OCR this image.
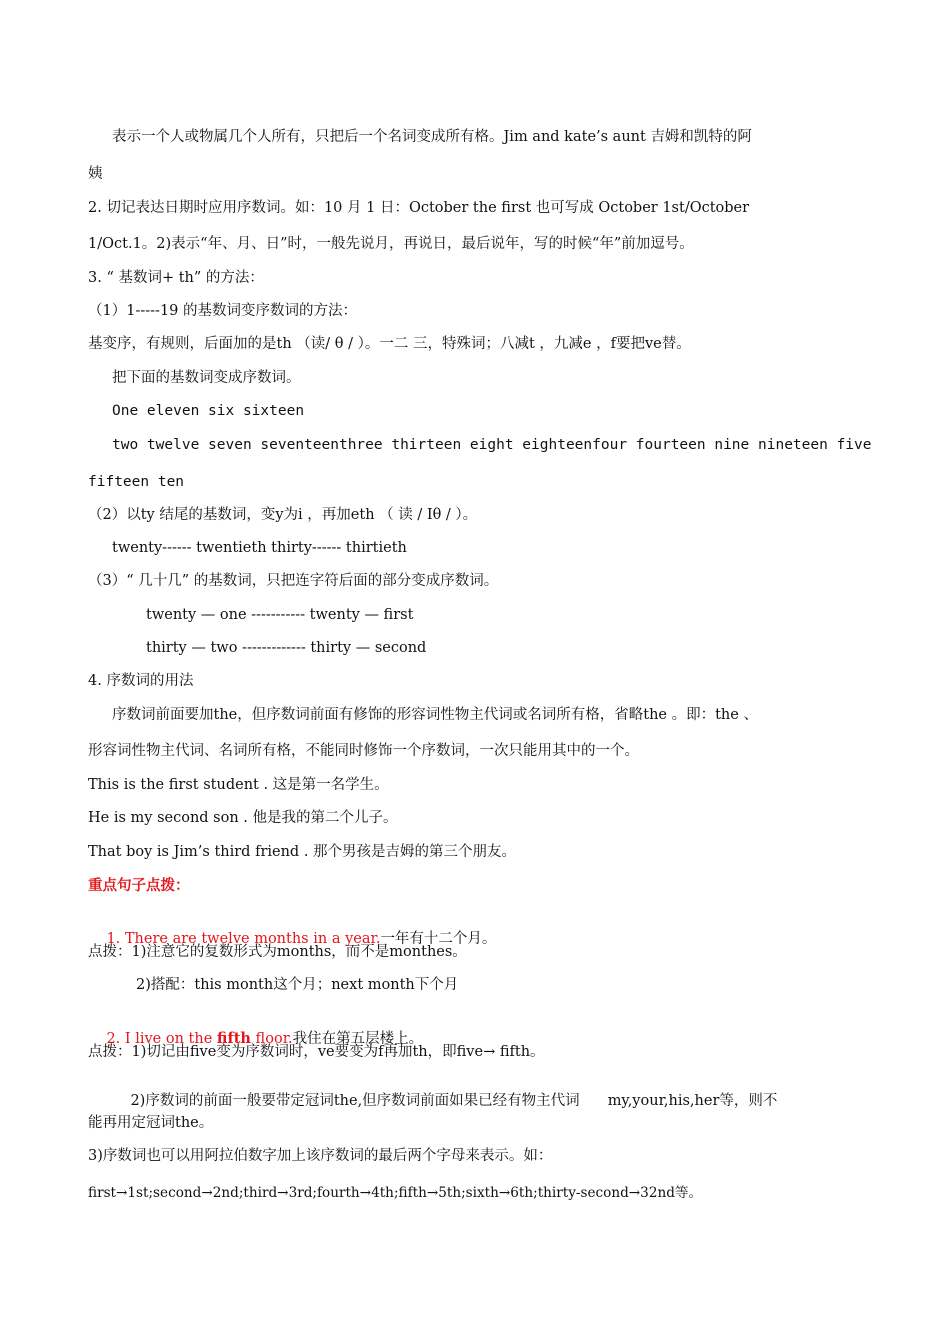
表示一个人或物属几个人所有，只把后一个名词变成所有格。Jim and kate’s aunt 吉姆和凯特的阿
姨
2. 切记表达日期时应用序数词。如：10 月 1 日：October the first 也可写成 October 1st/October
1/Oct.1。2)表示“年、月、日”时，一般先说月，再说日，最后说年，写的时候“年”前加逗号。
3. “ 基数词+ th” 的方法：
（1）1-----19 的基数词变序数词的方法：
基变序，有规则，后面加的是th （读/ θ / ）。一二 三，特殊词；八减t ，九减e ，f要把ve替。
把下面的基数词变成序数词。
One eleven six sixteen
two twelve seven seventeenthree thirteen eight eighteenfour fourteen nine nineteen five
fifteen ten
（2）以ty 结尾的基数词，变y为i ，再加eth （ 读 / Iθ / ）。
twenty------ twentieth thirty------ thirtieth
（3）“ 几十几” 的基数词，只把连字符后面的部分变成序数词。
twenty — one ----------- twenty — first
thirty — two ------------- thirty — second
4. 序数词的用法
序数词前面要加the，但序数词前面有修饰的形容词性物主代词或名词所有格，省略the 。即：the 、
形容词性物主代词、名词所有格，不能同时修饰一个序数词，一次只能用其中的一个。
This is the first student . 这是第一名学生。
He is my second son . 他是我的第二个儿子。
That boy is Jim’s third friend . 那个男孩是吉姆的第三个朋友。
重点句子点拨：

1. There are twelve months in a year.一年有十二个月。

点拨：1)注意它的复数形式为months，而不是monthes。
2)搭配：this month这个月；next month下个月

2. I live on the fifth floor.我住在第五层楼上。

点拨：1)切记由five变为序数词时，ve要变为f再加th，即five→ fifth。

2)序数词的前面一般要带定冠词the,但序数词前面如果已经有物主代词 my,your,his,her等，则不

能再用定冠词the。
3)序数词也可以用阿拉伯数字加上该序数词的最后两个字母来表示。如：
first→1st;second→2nd;third→3rd;fourth→4th;fifth→5th;sixth→6th;thirty-second→32nd等。
